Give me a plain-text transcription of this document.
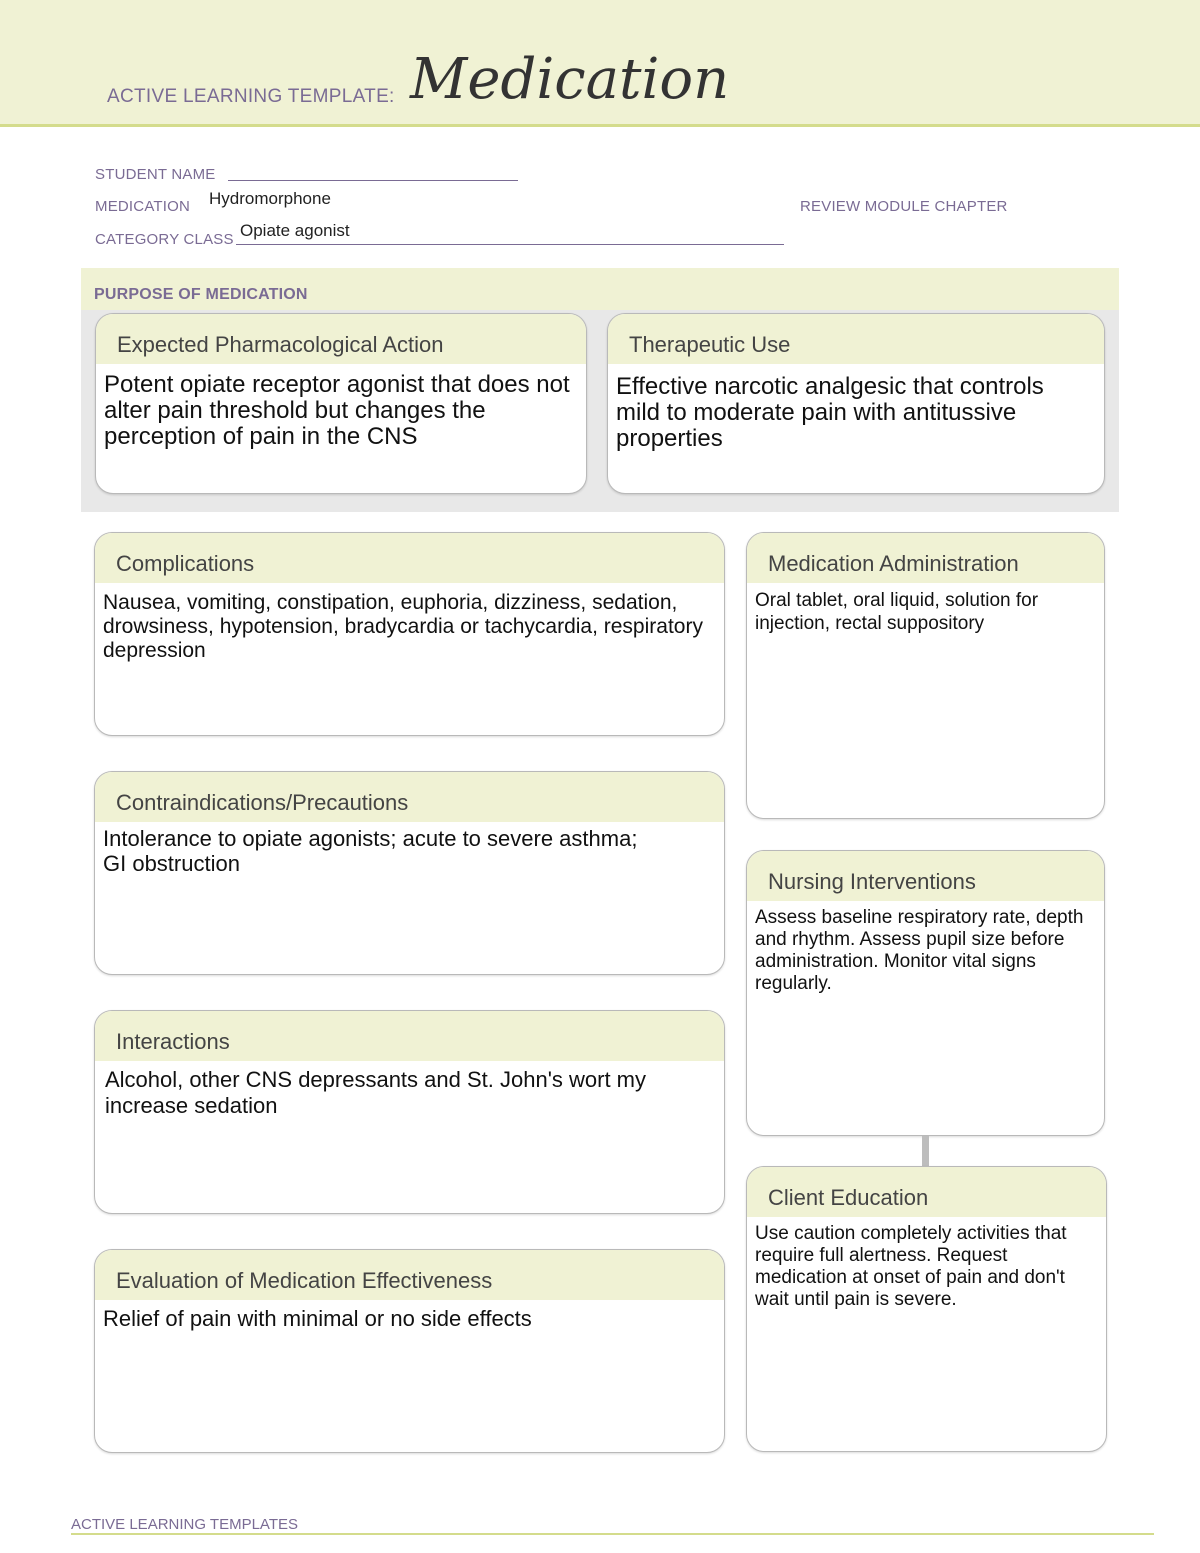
ACTIVE LEARNING TEMPLATE: Medication
STUDENT NAME
MEDICATION Hydromorphone	REVIEW MODULE CHAPTER
CATEGORY CLASS Opiate agonist
PURPOSE OF MEDICATION
Expected Pharmacological Action
Potent opiate receptor agonist that does not alter pain threshold but changes the perception of pain in the CNS
Therapeutic Use
Effective narcotic analgesic that controls
mild to moderate pain with antitussive
properties
Complications
Nausea, vomiting, constipation, euphoria, dizziness, sedation, drowsiness, hypotension, bradycardia or tachycardia, respiratory depression
Contraindications/Precautions
Intolerance to opiate agonists; acute to severe asthma;
GI obstruction
Interactions
Alcohol, other CNS depressants and St. John's wort my increase sedation
Evaluation of Medication Effectiveness
Relief of pain with minimal or no side effects
Medication Administration
Oral tablet, oral liquid, solution for
injection, rectal suppository
Nursing Interventions
Assess baseline respiratory rate, depth and rhythm. Assess pupil size before administration. Monitor vital signs regularly.
Client Education
Use caution completely activities that require full alertness. Request
medication at onset of pain and don't wait until pain is severe.
ACTIVE LEARNING TEMPLATES
